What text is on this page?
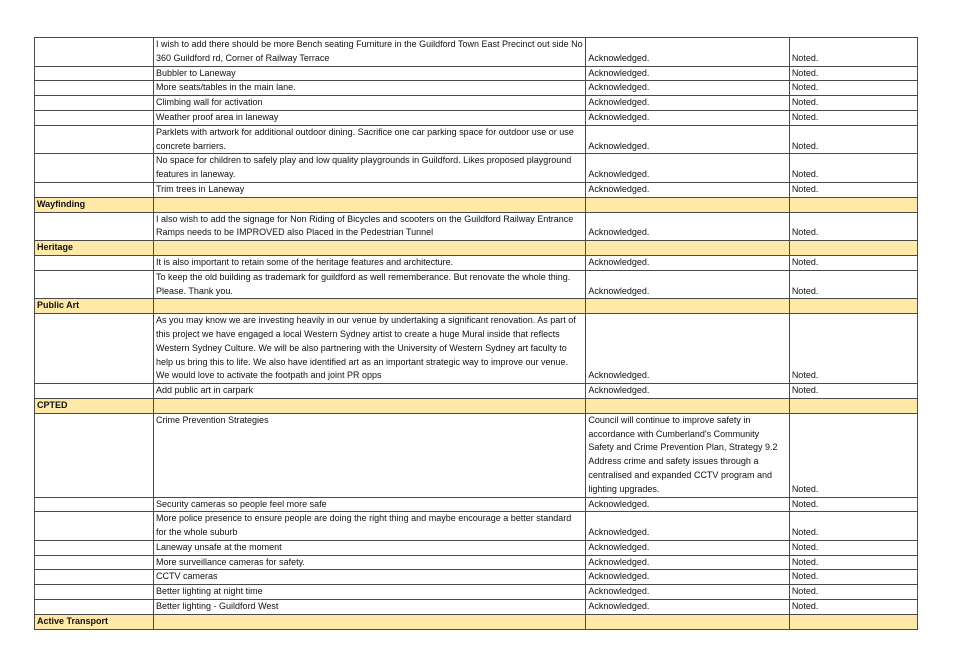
	I wish to add there should be more Bench seating Furniture in the Guildford Town East Precinct out side No 360 Guildford rd, Corner of Railway Terrace	Acknowledged.	Noted.
	Bubbler to Laneway	Acknowledged.	Noted.
	More seats/tables in the main lane.	Acknowledged.	Noted.
	Climbing wall for activation	Acknowledged.	Noted.
	Weather proof area in laneway	Acknowledged.	Noted.
	Parklets with artwork for additional outdoor dining. Sacrifice one car parking space for outdoor use or use concrete barriers.	Acknowledged.	Noted.
	No space for children to safely play and low quality playgrounds in Guildford. Likes proposed playground features in laneway.	Acknowledged.	Noted.
	Trim trees in Laneway	Acknowledged.	Noted.
Wayfinding			
	I also wish to add the signage for Non Riding of Bicycles and scooters on the Guildford Railway Entrance Ramps needs to be IMPROVED also Placed in the Pedestrian Tunnel	Acknowledged.	Noted.
Heritage			
	It is also important to retain some of the heritage features and architecture.	Acknowledged.	Noted.
	To keep the old building as trademark for guildford as well rememberance. But renovate the whole thing. Please. Thank you.	Acknowledged.	Noted.
Public Art			
	As you may know we are investing heavily in our venue by undertaking a significant renovation. As part of this project we have engaged a local Western Sydney artist to create a huge Mural inside that reflects Western Sydney Culture. We will be also partnering with the University of Western Sydney art faculty to help us bring this to life. We also have identified art as an important strategic way to improve our venue. We would love to activate the footpath and joint PR opps	Acknowledged.	Noted.
	Add public art in carpark	Acknowledged.	Noted.
CPTED			
	Crime Prevention Strategies	Council will continue to improve safety in accordance with Cumberland's Community Safety and Crime Prevention Plan, Strategy 9.2 Address crime and safety issues through a centralised and expanded CCTV program and lighting upgrades.	Noted.
	Security cameras so people feel more safe	Acknowledged.	Noted.
	More police presence to ensure people are doing the right thing and maybe encourage a better standard for the whole suburb	Acknowledged.	Noted.
	Laneway unsafe at the moment	Acknowledged.	Noted.
	More surveillance cameras for safety.	Acknowledged.	Noted.
	CCTV cameras	Acknowledged.	Noted.
	Better lighting at night time	Acknowledged.	Noted.
	Better lighting - Guildford West	Acknowledged.	Noted.
Active Transport			
